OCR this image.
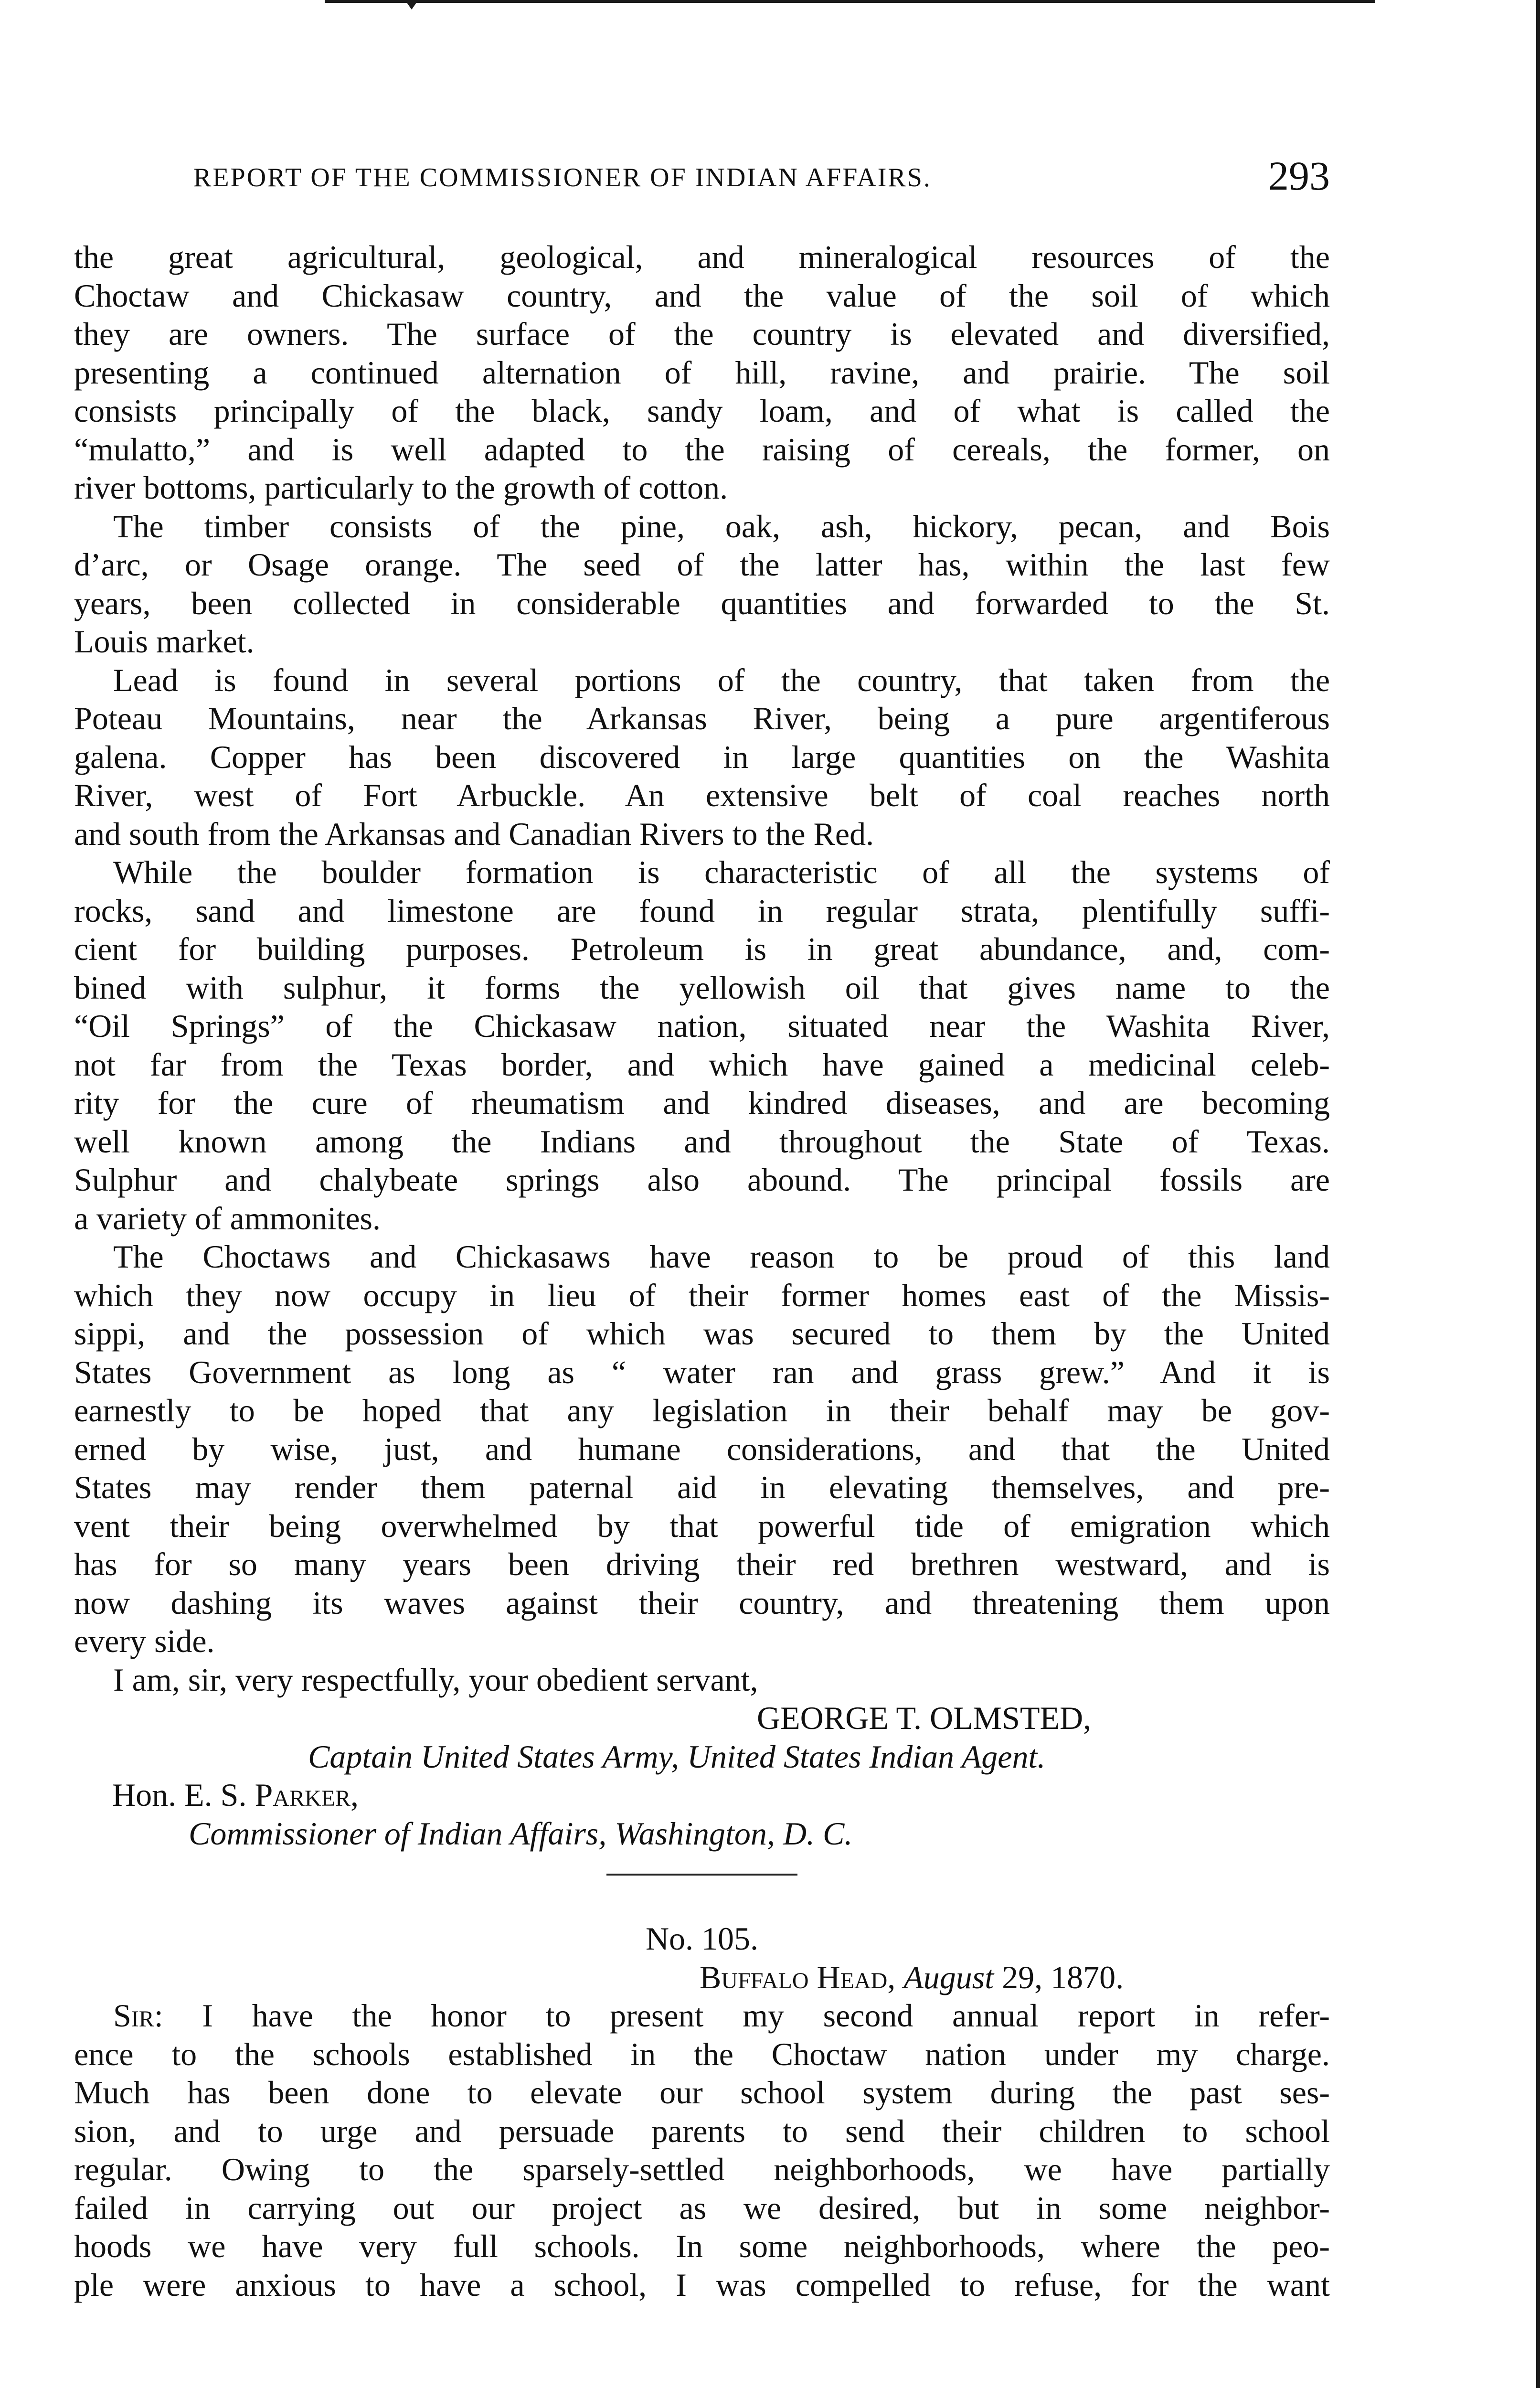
REPORT OF THE COMMISSIONER OF INDIAN AFFAIRS.	293
the great agricultural, geological, and mineralogical resources of the
Choctaw and Chickasaw country, and the value of the soil of which
they are owners. The surface of the country is elevated and diversified,
presenting a continued alternation of hill, ravine, and prairie. The soil
consists principally of the black, sandy loam, and of what is called the
“mulatto,” and is well adapted to the raising of cereals, the former, on
river bottoms, particularly to the growth of cotton.
The timber consists of the pine, oak, ash, hickory, pecan, and Bois
d’arc, or Osage orange. The seed of the latter has, within the last few
years, been collected in considerable quantities and forwarded to the St.
Louis market.
Lead is found in several portions of the country, that taken from the
Poteau Mountains, near the Arkansas River, being a pure argentiferous
galena. Copper has been discovered in large quantities on the Washita
River, west of Fort Arbuckle. An extensive belt of coal reaches north
and south from the Arkansas and Canadian Rivers to the Red.
While the boulder formation is characteristic of all the systems of
rocks, sand and limestone are found in regular strata, plentifully suffi-
cient for building purposes. Petroleum is in great abundance, and, com-
bined with sulphur, it forms the yellowish oil that gives name to the
“Oil Springs” of the Chickasaw nation, situated near the Washita River,
not far from the Texas border, and which have gained a medicinal celeb-
rity for the cure of rheumatism and kindred diseases, and are becoming
well known among the Indians and throughout the State of Texas.
Sulphur and chalybeate springs also abound. The principal fossils are
a variety of ammonites.
The Choctaws and Chickasaws have reason to be proud of this land
which they now occupy in lieu of their former homes east of the Missis-
sippi, and the possession of which was secured to them by the United
States Government as long as “ water ran and grass grew.” And it is
earnestly to be hoped that any legislation in their behalf may be gov-
erned by wise, just, and humane considerations, and that the United
States may render them paternal aid in elevating themselves, and pre-
vent their being overwhelmed by that powerful tide of emigration which
has for so many years been driving their red brethren westward, and is
now dashing its waves against their country, and threatening them upon
every side.
I am, sir, very respectfully, your obedient servant,
GEORGE T. OLMSTED,
Captain United States Army, United States Indian Agent.
Hon. E. S. Parker,
Commissioner of Indian Affairs, Washington, D. C.
No. 105.
Buffalo Head, August 29, 1870.
Sir: I have the honor to present my second annual report in refer-
ence to the schools established in the Choctaw nation under my charge.
Much has been done to elevate our school system during the past ses-
sion, and to urge and persuade parents to send their children to school
regular. Owing to the sparsely-settled neighborhoods, we have partially
failed in carrying out our project as we desired, but in some neighbor-
hoods we have very full schools. In some neighborhoods, where the peo-
ple were anxious to have a school, I was compelled to refuse, for the want
